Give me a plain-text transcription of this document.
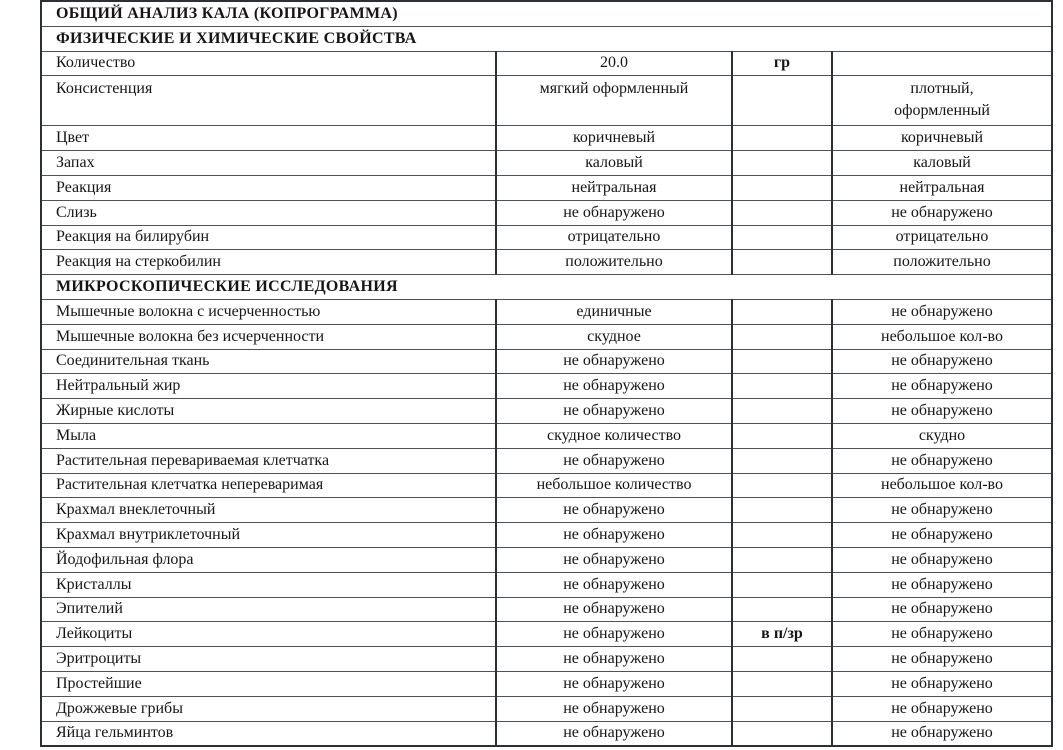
ОБЩИЙ АНАЛИЗ КАЛА (КОПРОГРАММА)			
ФИЗИЧЕСКИЕ И ХИМИЧЕСКИЕ СВОЙСТВА			
Количество	20.0	гр	
Консистенция	мягкий оформленный		плотный,
оформленный

Цвет	коричневый		коричневый
Запах	каловый		каловый
Реакция	нейтральная		нейтральная
Слизь	не обнаружено		не обнаружено
Реакция на билирубин	отрицательно		отрицательно
Реакция на стеркобилин	положительно		положительно
МИКРОСКОПИЧЕСКИЕ ИССЛЕДОВАНИЯ			
Мышечные волокна с исчерченностью	единичные		не обнаружено
Мышечные волокна без исчерченности	скудное		небольшое кол-во
Соединительная ткань	не обнаружено		не обнаружено
Нейтральный жир	не обнаружено		не обнаружено
Жирные кислоты	не обнаружено		не обнаружено
Мыла	скудное количество		скудно
Растительная перевариваемая клетчатка	не обнаружено		не обнаружено
Растительная клетчатка непереваримая	небольшое количество		небольшое кол-во
Крахмал внеклеточный	не обнаружено		не обнаружено
Крахмал внутриклеточный	не обнаружено		не обнаружено
Йодофильная флора	не обнаружено		не обнаружено
Кристаллы	не обнаружено		не обнаружено
Эпителий	не обнаружено		не обнаружено
Лейкоциты	не обнаружено	в п/зр	не обнаружено
Эритроциты	не обнаружено		не обнаружено
Простейшие	не обнаружено		не обнаружено
Дрожжевые грибы	не обнаружено		не обнаружено
Яйца гельминтов	не обнаружено		не обнаружено
